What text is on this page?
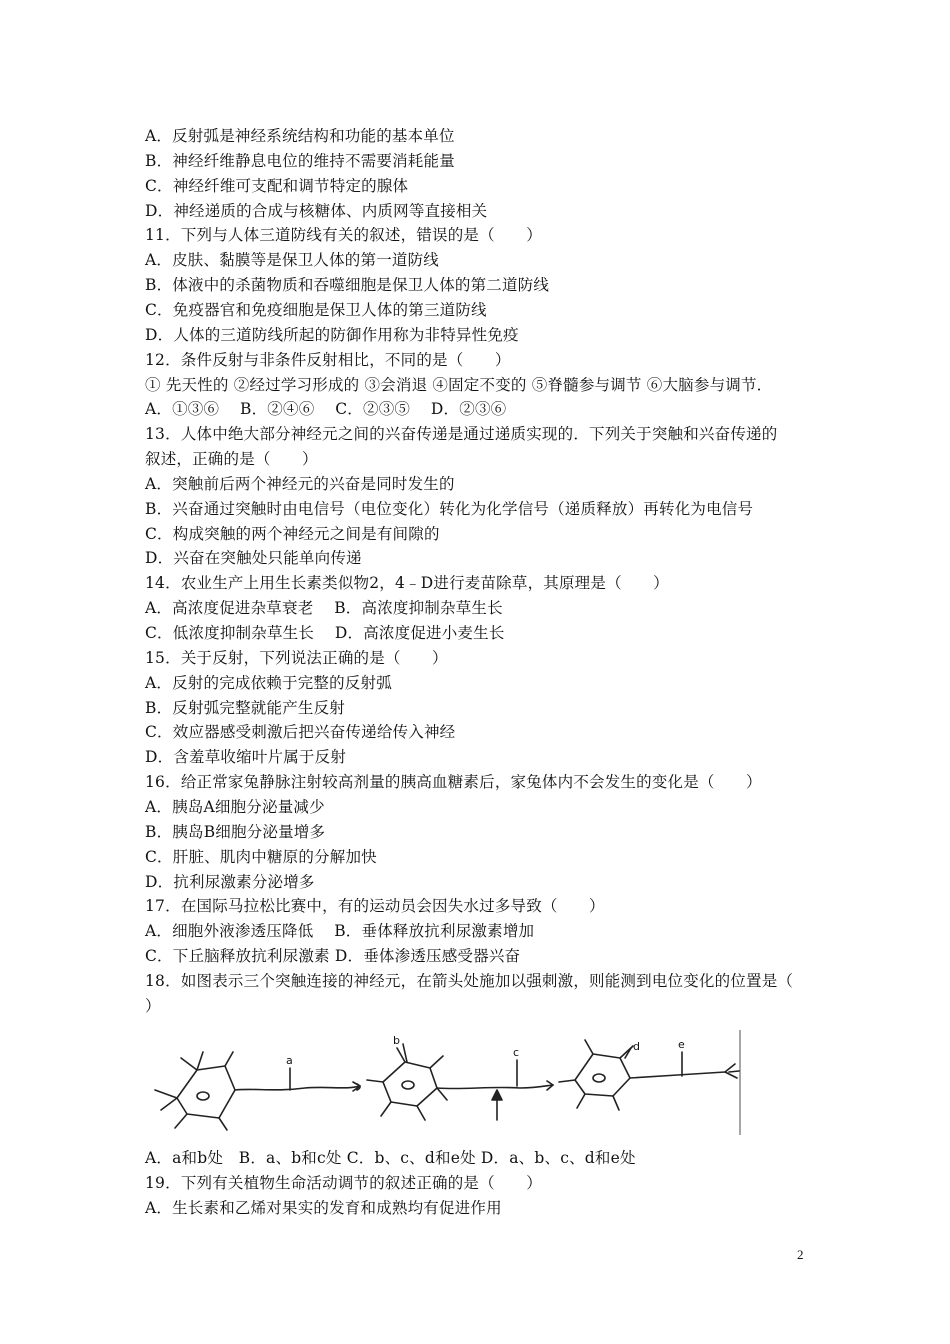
A．反射弧是神经系统结构和功能的基本单位
B．神经纤维静息电位的维持不需要消耗能量
C．神经纤维可支配和调节特定的腺体
D．神经递质的合成与核糖体、内质网等直接相关
11．下列与人体三道防线有关的叙述，错误的是（　　）
A．皮肤、黏膜等是保卫人体的第一道防线
B．体液中的杀菌物质和吞噬细胞是保卫人体的第二道防线
C．免疫器官和免疫细胞是保卫人体的第三道防线
D．人体的三道防线所起的防御作用称为非特异性免疫
12．条件反射与非条件反射相比，不同的是（　　）
① 先天性的 ②经过学习形成的 ③会消退 ④固定不变的 ⑤脊髓参与调节 ⑥大脑参与调节．
A．①③⑥　 B．②④⑥　 C．②③⑤　 D．②③⑥
13．人体中绝大部分神经元之间的兴奋传递是通过递质实现的．下列关于突触和兴奋传递的
叙述，正确的是（　　）
A．突触前后两个神经元的兴奋是同时发生的
B．兴奋通过突触时由电信号（电位变化）转化为化学信号（递质释放）再转化为电信号
C．构成突触的两个神经元之间是有间隙的
D．兴奋在突触处只能单向传递
14．农业生产上用生长素类似物2，4﹣D进行麦苗除草，其原理是（　　）
A．高浓度促进杂草衰老　 B．高浓度抑制杂草生长
C．低浓度抑制杂草生长　 D．高浓度促进小麦生长
15．关于反射，下列说法正确的是（　　）
A．反射的完成依赖于完整的反射弧
B．反射弧完整就能产生反射
C．效应器感受刺激后把兴奋传递给传入神经
D．含羞草收缩叶片属于反射
16．给正常家兔静脉注射较高剂量的胰高血糖素后，家兔体内不会发生的变化是（　　）
A．胰岛A细胞分泌量减少
B．胰岛B细胞分泌量增多
C．肝脏、肌肉中糖原的分解加快
D．抗利尿激素分泌增多
17．在国际马拉松比赛中，有的运动员会因失水过多导致（　　）
A．细胞外液渗透压降低　 B．垂体释放抗利尿激素增加
C．下丘脑释放抗利尿激素 D．垂体渗透压感受器兴奋
18．如图表示三个突触连接的神经元，在箭头处施加以强刺激，则能测到电位变化的位置是（
）
a
b
c	d	e
A．a和b处　B．a、b和c处 C．b、c、d和e处 D．a、b、c、d和e处
19．下列有关植物生命活动调节的叙述正确的是（　　）
A．生长素和乙烯对果实的发育和成熟均有促进作用
2
